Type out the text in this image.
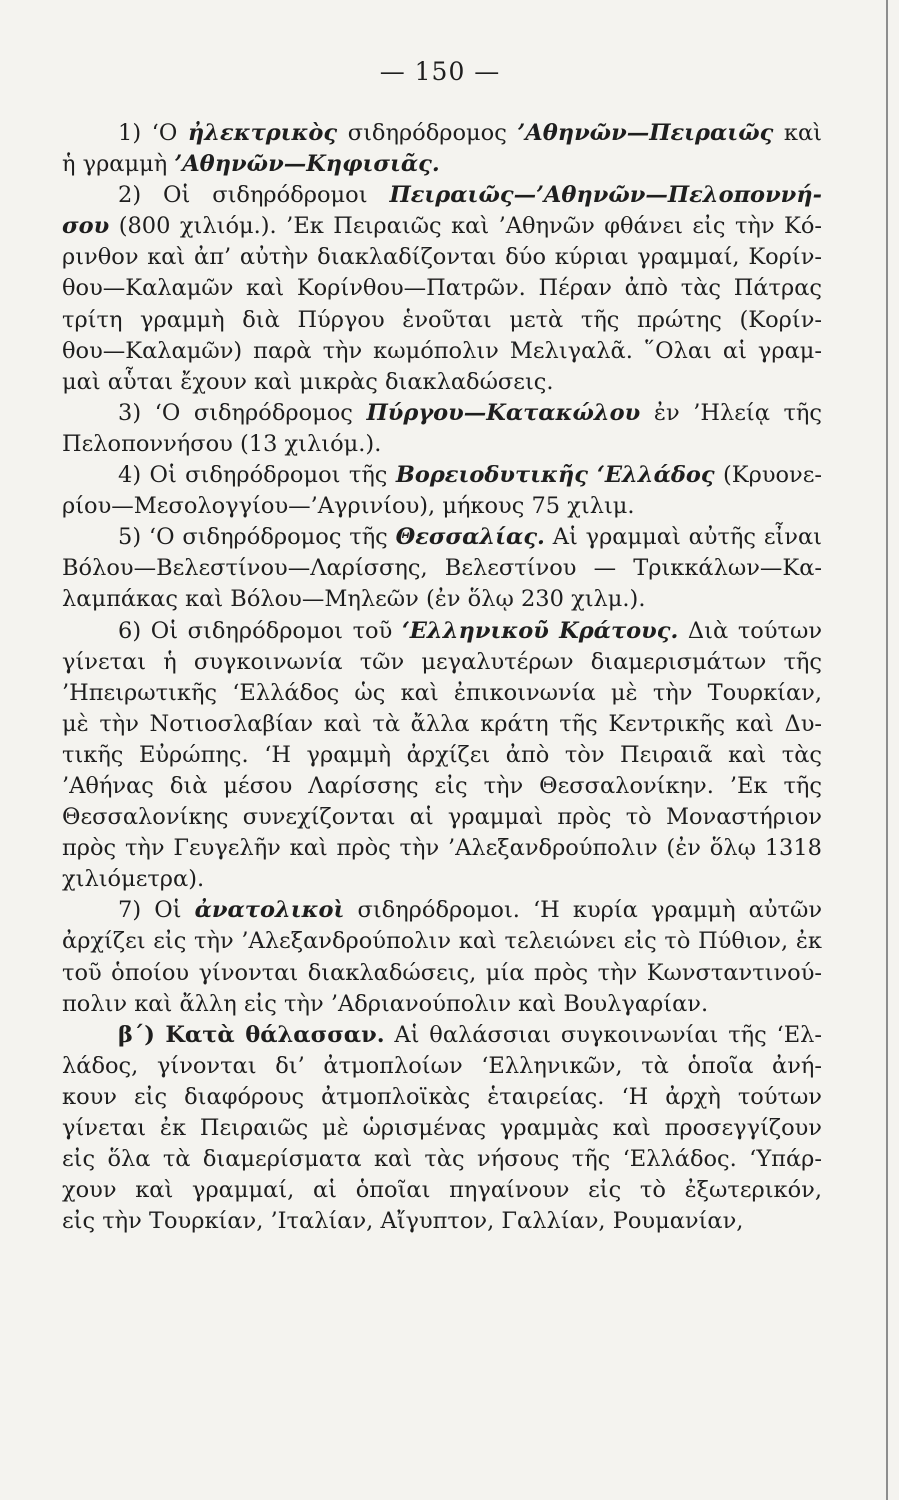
— 150 —

1) ‘Ο ἠλεκτρικὸς σιδηρόδρομος ’Αθηνῶν—Πειραιῶς καὶ

ἡ γραμμὴ ’Αθηνῶν—Κηφισιᾶς.

2) Οἱ σιδηρόδρομοι Πειραιῶς—’Αθηνῶν—Πελοποννή-

σου (800 χιλιόμ.). ’Εκ Πειραιῶς καὶ ’Αθηνῶν φθάνει εἰς τὴν Κό-

ρινθον καὶ ἀπ’ αὐτὴν διακλαδίζονται δύο κύριαι γραμμαί, Κορίν-

θου—Καλαμῶν καὶ Κορίνθου—Πατρῶν. Πέραν ἀπὸ τὰς Πάτρας

τρίτη γραμμὴ διὰ Πύργου ἑνοῦται μετὰ τῆς πρώτης (Κορίν-

θου—Καλαμῶν) παρὰ τὴν κωμόπολιν Μελιγαλᾶ. ῞Ολαι αἱ γραμ-

μαὶ αὗται ἔχουν καὶ μικρὰς διακλαδώσεις.

3) ‘Ο σιδηρόδρομος Πύργου—Κατακώλου ἐν ’Ηλείᾳ τῆς

Πελοποννήσου (13 χιλιόμ.).

4) Οἱ σιδηρόδρομοι τῆς Βορειοδυτικῆς ‘Ελλάδος (Κρυονε-

ρίου—Μεσολογγίου—’Αγρινίου), μήκους 75 χιλιμ.

5) ‘Ο σιδηρόδρομος τῆς Θεσσαλίας. Αἱ γραμμαὶ αὐτῆς εἶναι

Βόλου—Βελεστίνου—Λαρίσσης, Βελεστίνου — Τρικκάλων—Κα-

λαμπάκας καὶ Βόλου—Μηλεῶν (ἐν ὅλῳ 230 χιλμ.).

6) Οἱ σιδηρόδρομοι τοῦ ‘Ελληνικοῦ Κράτους. Διὰ τούτων

γίνεται ἡ συγκοινωνία τῶν μεγαλυτέρων διαμερισμάτων τῆς

’Ηπειρωτικῆς ‘Ελλάδος ὡς καὶ ἐπικοινωνία μὲ τὴν Τουρκίαν,

μὲ τὴν Νοτιοσλαβίαν καὶ τὰ ἄλλα κράτη τῆς Κεντρικῆς καὶ Δυ-

τικῆς Εὐρώπης. ‘Η γραμμὴ ἀρχίζει ἀπὸ τὸν Πειραιᾶ καὶ τὰς

’Αθήνας διὰ μέσου Λαρίσσης εἰς τὴν Θεσσαλονίκην. ’Εκ τῆς

Θεσσαλονίκης συνεχίζονται αἱ γραμμαὶ πρὸς τὸ Μοναστήριον

πρὸς τὴν Γευγελῆν καὶ πρὸς τὴν ’Αλεξανδρούπολιν (ἐν ὅλῳ 1318

χιλιόμετρα).

7) Οἱ ἀνατολικοὶ σιδηρόδρομοι. ‘Η κυρία γραμμὴ αὐτῶν

ἀρχίζει εἰς τὴν ’Αλεξανδρούπολιν καὶ τελειώνει εἰς τὸ Πύθιον, ἐκ

τοῦ ὁποίου γίνονται διακλαδώσεις, μία πρὸς τὴν Κωνσταντινού-

πολιν καὶ ἄλλη εἰς τὴν ’Αδριανούπολιν καὶ Βουλγαρίαν.

β´) Κατὰ θάλασσαν. Αἱ θαλάσσιαι συγκοινωνίαι τῆς ‘Ελ-

λάδος, γίνονται δι’ ἀτμοπλοίων ‘Ελληνικῶν, τὰ ὁποῖα ἀνή-

κουν εἰς διαφόρους ἀτμοπλοϊκὰς ἑταιρείας. ‘Η ἀρχὴ τούτων

γίνεται ἐκ Πειραιῶς μὲ ὡρισμένας γραμμὰς καὶ προσεγγίζουν

εἰς ὅλα τὰ διαμερίσματα καὶ τὰς νήσους τῆς ‘Ελλάδος. ‘Υπάρ-

χουν καὶ γραμμαί, αἱ ὁποῖαι πηγαίνουν εἰς τὸ ἐξωτερικόν,

εἰς τὴν Τουρκίαν, ’Ιταλίαν, Αἴγυπτον, Γαλλίαν, Ρουμανίαν,
